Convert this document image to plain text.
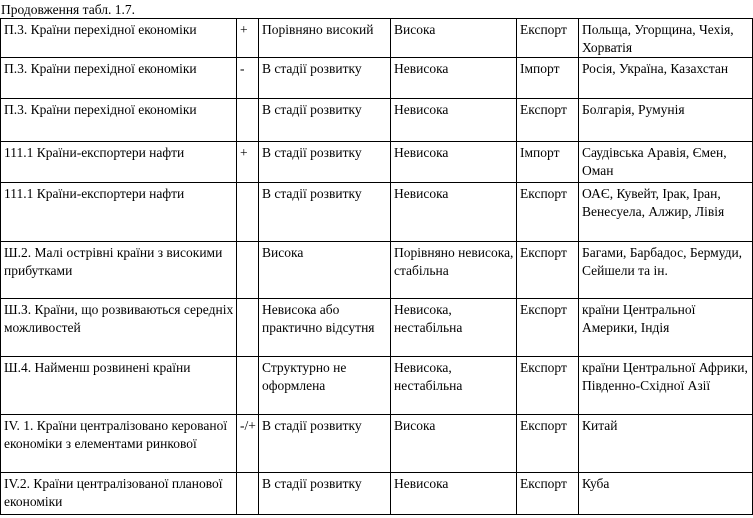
Продовження табл. 1.7.
П.3. Країни перехідної економіки	+	Порівняно високий	Висока	Експорт	Польща, Угорщина, Чехія, Хорватія
П.3. Країни перехідної економіки	-	В стадії розвитку	Невисока	Імпорт	Росія, Україна, Казахстан
П.3. Країни перехідної економіки		В стадії розвитку	Невисока	Експорт	Болгарія, Румунія
111.1 Країни-експортери нафти	+	В стадії розвитку	Невисока	Імпорт	Саудівська Аравія, Ємен, Оман
111.1 Країни-експортери нафти		В стадії розвитку	Невисока	Експорт	ОАЄ, Кувейт, Ірак, Іран, Венесуела, Алжир, Лівія
Ш.2. Малі острівні країни з високими прибутками		Висока	Порівняно невисока, стабільна	Експорт	Багами, Барбадос, Бермуди, Сейшели та ін.
Ш.З. Країни, що розвиваються середніх можливостей		Невисока або практично відсутня	Невисока, нестабільна	Експорт	країни Центральної Америки, Індія
Ш.4. Найменш розвинені країни		Структурно не оформлена	Невисока, нестабільна	Експорт	країни Центральної Африки, Південно-Східної Азії
IV. 1. Країни централізовано керованої економіки з елементами ринкової	-/+	В стадії розвитку	Висока	Експорт	Китай
IV.2. Країни централізованої планової економіки		В стадії розвитку	Невисока	Експорт	Куба
